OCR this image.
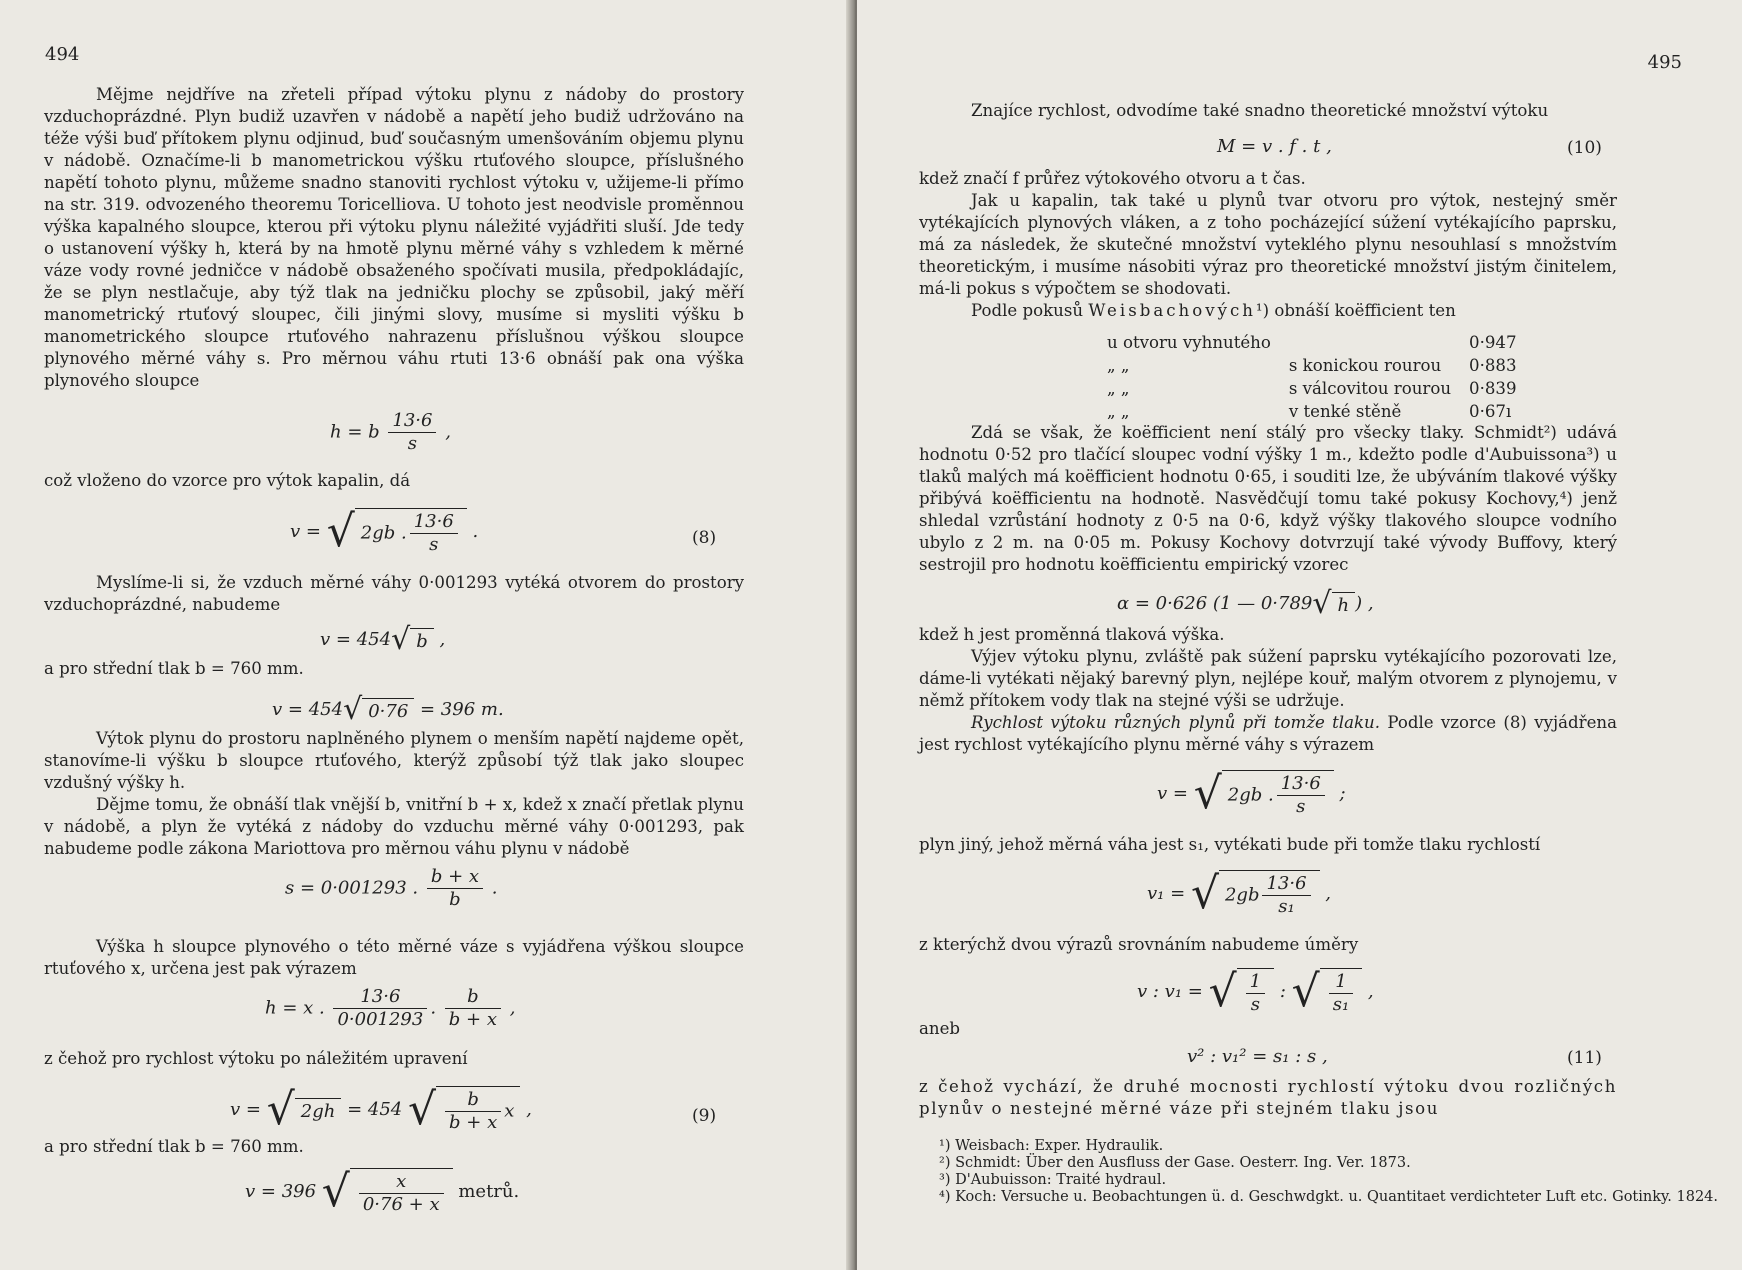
494

Mějme nejdříve na zřeteli případ výtoku plynu z nádoby do prostory vzduchoprázdné. Plyn budiž uzavřen v nádobě a napětí jeho budiž udržováno na téže výši buď přítokem plynu odjinud, buď současným umenšováním objemu plynu v nádobě. Označíme-li b manometrickou výšku rtuťového sloupce, příslušného napětí tohoto plynu, můžeme snadno stanoviti rychlost výtoku v, užijeme-li přímo na str. 319. odvozeného theoremu Toricelliova. U tohoto jest neodvisle proměnnou výška kapalného sloupce, kterou při výtoku plynu náležité vyjádřiti sluší. Jde tedy o ustanovení výšky h, která by na hmotě plynu měrné váhy s vzhledem k měrné váze vody rovné jedničce v nádobě obsaženého spočívati musila, předpokládajíc, že se plyn nestlačuje, aby týž tlak na jedničku plochy se způsobil, jaký měří manometrický rtuťový sloupec, čili jinými slovy, musíme si mysliti výšku b manometrického sloupce rtuťového nahrazenu příslušnou výškou sloupce plynového měrné váhy s. Pro měrnou váhu rtuti 13·6 obnáší pak ona výška plynového sloupce

h = b $\frac{13\cdot 6}{s}$ ,

což vloženo do vzorce pro výtok kapalin, dá

v = √ 2gb . $\frac{13\cdot 6}{s}$ .	(8)

Myslíme-li si, že vzduch měrné váhy 0·001293 vytéká otvorem do prostory vzduchoprázdné, nabudeme

v = 454√ b ,

a pro střední tlak b = 760 mm.

v = 454√ 0·76 = 396 m.

Výtok plynu do prostoru naplněného plynem o menším napětí najdeme opět, stanovíme-li výšku b sloupce rtuťového, kterýž způsobí týž tlak jako sloupec vzdušný výšky h.

Dějme tomu, že obnáší tlak vnější b, vnitřní b + x, kdež x značí přetlak plynu v nádobě, a plyn že vytéká z nádoby do vzduchu měrné váhy 0·001293, pak nabudeme podle zákona Mariottova pro měrnou váhu plynu v nádobě

s = 0·001293 . $\frac{b + x}{b}$ .

Výška h sloupce plynového o této měrné váze s vyjádřena výškou sloupce rtuťového x, určena jest pak výrazem

h = x . $\frac{13\cdot 6}{0\cdot 001293}$ . $\frac{b}{b + x}$ ,

z čehož pro rychlost výtoku po náležitém upravení

v = √ 2gh = 454 √ $\frac{b}{b + x}$ x ,	(9)

a pro střední tlak b = 760 mm.

v = 396 √ $\frac{x}{0\cdot 76 + x}$ metrů.
495

Znajíce rychlost, odvodíme také snadno theoretické množství výtoku

M = v . f . t ,	(10)

kdež značí f průřez výtokového otvoru a t čas.

Jak u kapalin, tak také u plynů tvar otvoru pro výtok, nestejný směr vytékajících plynových vláken, a z toho pocházející súžení vytékajícího paprsku, má za následek, že skutečné množství vyteklého plynu nesouhlasí s množstvím theoretickým, i musíme násobiti výraz pro theoretické množství jistým činitelem, má-li pokus s výpočtem se shodovati.

Podle pokusů Weisbachových¹) obnáší koëfficient ten

u otvoru vyhnutého		0·947
„ „	s konickou rourou	0·883
„ „	s válcovitou rourou	0·839
„ „	v tenké stěně	0·67ı

Zdá se však, že koëfficient není stálý pro všecky tlaky. Schmidt²) udává hodnotu 0·52 pro tlačící sloupec vodní výšky 1 m., kdežto podle d'Aubuissona³) u tlaků malých má koëfficient hodnotu 0·65, i souditi lze, že ubýváním tlakové výšky přibývá koëfficientu na hodnotě. Nasvědčují tomu také pokusy Kochovy,⁴) jenž shledal vzrůstání hodnoty z 0·5 na 0·6, když výšky tlakového sloupce vodního ubylo z 2 m. na 0·05 m. Pokusy Kochovy dotvrzují také vývody Buffovy, který sestrojil pro hodnotu koëfficientu empirický vzorec

α = 0·626 (1 — 0·789√ h ) ,

kdež h jest proměnná tlaková výška.

Výjev výtoku plynu, zvláště pak súžení paprsku vytékajícího pozorovati lze, dáme-li vytékati nějaký barevný plyn, nejlépe kouř, malým otvorem z plynojemu, v němž přítokem vody tlak na stejné výši se udržuje.

Rychlost výtoku různých plynů při tomže tlaku. Podle vzorce (8) vyjádřena jest rychlost vytékajícího plynu měrné váhy s výrazem

v = √ 2gb . $\frac{13\cdot 6}{s}$ ;

plyn jiný, jehož měrná váha jest s₁, vytékati bude při tomže tlaku rychlostí

v₁ = √ $2gb \frac{13\cdot 6}{\text{s₁}}$ ,

z kterýchž dvou výrazů srovnáním nabudeme úměry

v : v₁ = √ $\frac{1}{s}$ : √ $\frac{1}{\text{s₁}}$ ,

aneb

v² : v₁² = s₁ : s ,	(11)

z čehož vychází, že druhé mocnosti rychlostí výtoku dvou rozličných plynův o nestejné měrné váze při stejném tlaku jsou

¹) Weisbach: Exper. Hydraulik.
²) Schmidt: Über den Ausfluss der Gase. Oesterr. Ing. Ver. 1873.
³) D'Aubuisson: Traité hydraul.
⁴) Koch: Versuche u. Beobachtungen ü. d. Geschwdgkt. u. Quantitaet verdichteter Luft etc. Gotinky. 1824.
